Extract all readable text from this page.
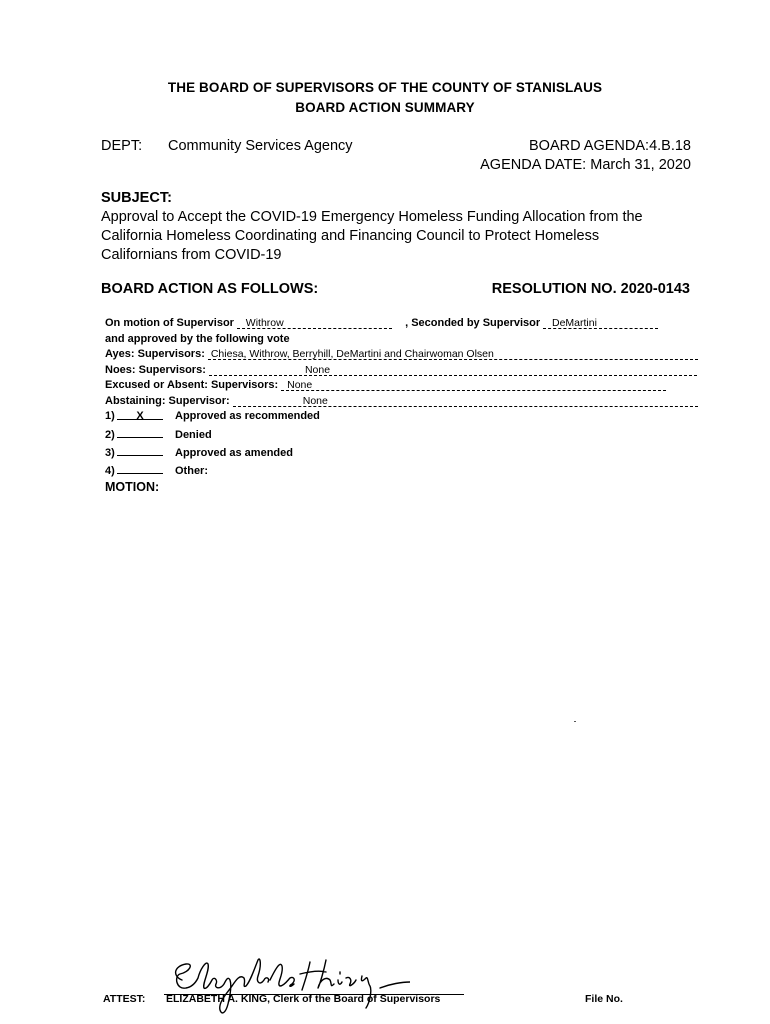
THE BOARD OF SUPERVISORS OF THE COUNTY OF STANISLAUS
BOARD ACTION SUMMARY
DEPT: Community Services Agency	BOARD AGENDA:4.B.18
AGENDA DATE: March 31, 2020
SUBJECT:
Approval to Accept the COVID-19 Emergency Homeless Funding Allocation from the
California Homeless Coordinating and Financing Council to Protect Homeless
Californians from COVID-19
BOARD ACTION AS FOLLOWS:	RESOLUTION NO. 2020-0143
On motion of Supervisor Withrow	, Seconded by Supervisor DeMartini
and approved by the following vote
Ayes: Supervisors: Chiesa, Withrow, Berryhill, DeMartini and Chairwoman Olsen
Noes: Supervisors:	None
Excused or Absent: Supervisors: None
Abstaining: Supervisor:	None
1) X	Approved as recommended
2)	Denied
3)	Approved as amended
4)	Other:
MOTION:
ATTEST: ELIZABETH A. KING, Clerk of the Board of Supervisors	File No.
